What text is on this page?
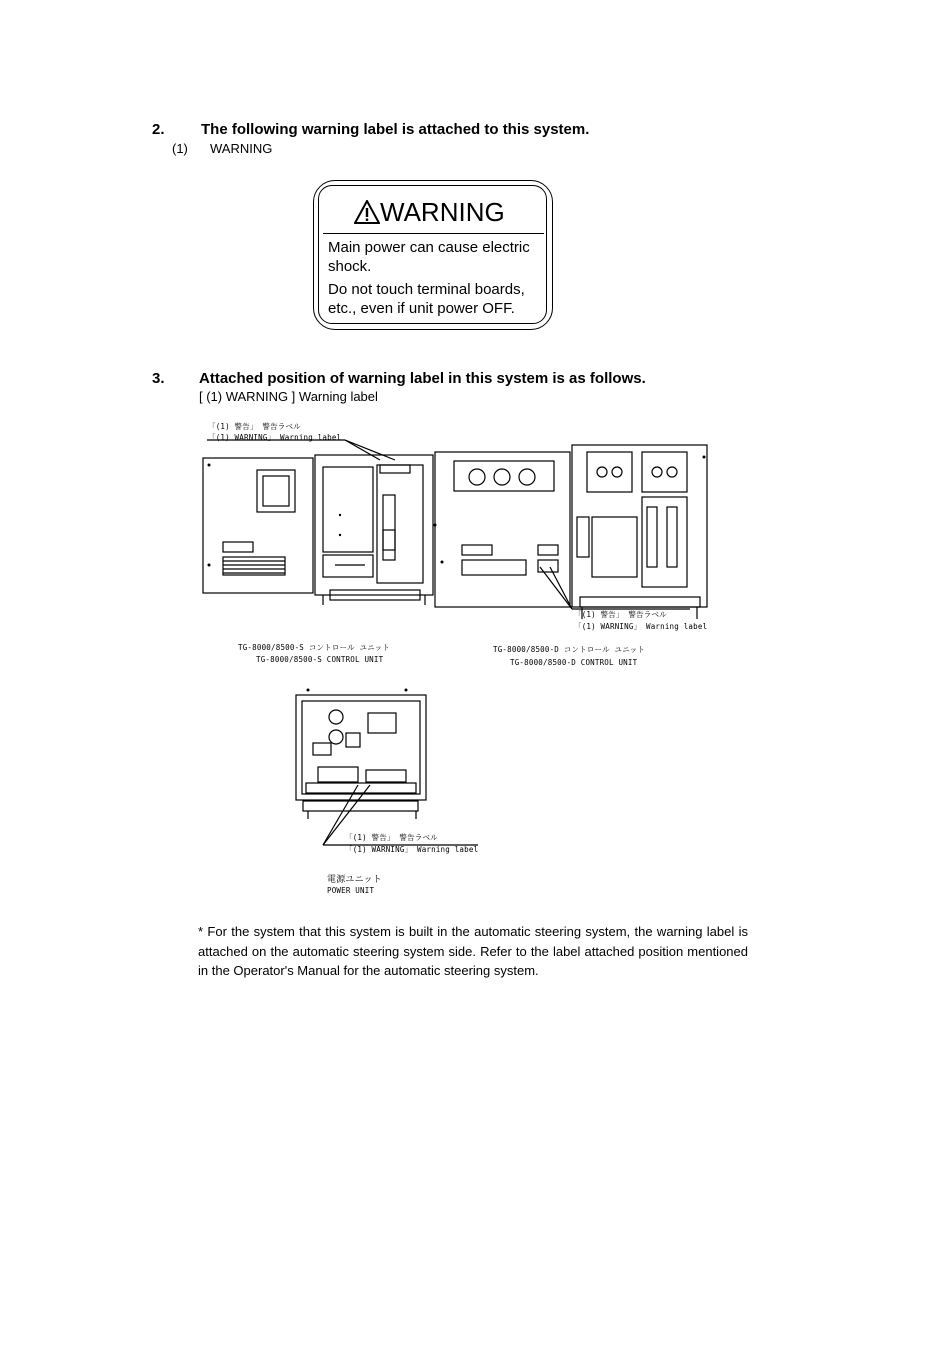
2. The following warning label is attached to this system.
(1) WARNING
WARNING
Main power can cause electric
shock.
Do not touch terminal boards,
etc., even if unit power OFF.
3. Attached position of warning label in this system is as follows.
[ (1) WARNING ] Warning label
「(1) 警告」 警告ラベル
「(1) WARNING」 Warning label
TG-8000/8500-S コントロール ユニット
TG-8000/8500-S CONTROL UNIT
「(1) 警告」 警告ラベル
「(1) WARNING」 Warning label
TG-8000/8500-D コントロール ユニット
TG-8000/8500-D CONTROL UNIT
「(1) 警告」 警告ラベル
「(1) WARNING」 Warning label
電源ユニット
POWER UNIT
* For the system that this system is built in the automatic steering system, the warning label is attached on the automatic steering system side. Refer to the label attached position mentioned in the Operator's Manual for the automatic steering system.
